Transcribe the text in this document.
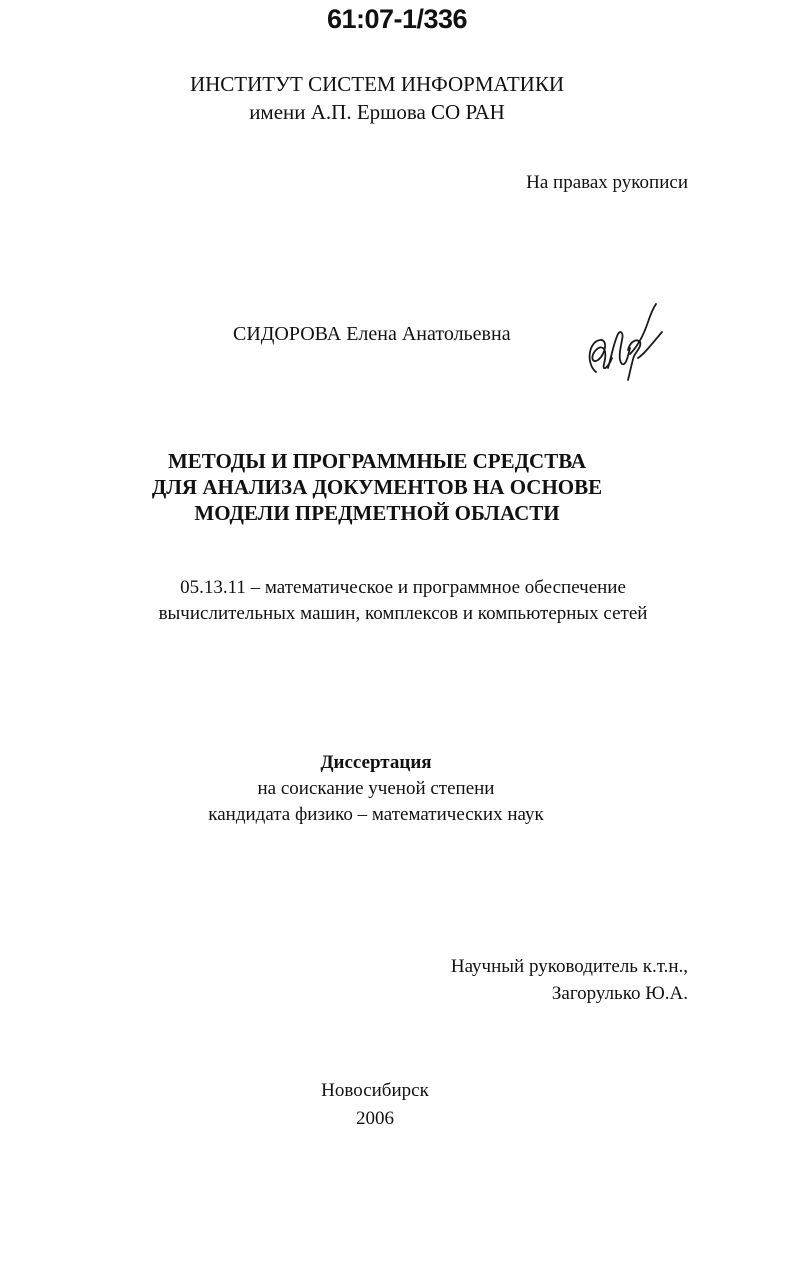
61:07-1/336
ИНСТИТУТ СИСТЕМ ИНФОРМАТИКИ
имени А.П. Ершова СО РАН
На правах рукописи
СИДОРОВА Елена Анатольевна
МЕТОДЫ И ПРОГРАММНЫЕ СРЕДСТВА
ДЛЯ АНАЛИЗА ДОКУМЕНТОВ НА ОСНОВЕ
МОДЕЛИ ПРЕДМЕТНОЙ ОБЛАСТИ
05.13.11 – математическое и программное обеспечение
вычислительных машин, комплексов и компьютерных сетей
Диссертация
на соискание ученой степени
кандидата физико – математических наук
Научный руководитель к.т.н.,
Загорулько Ю.А.
Новосибирск
2006
